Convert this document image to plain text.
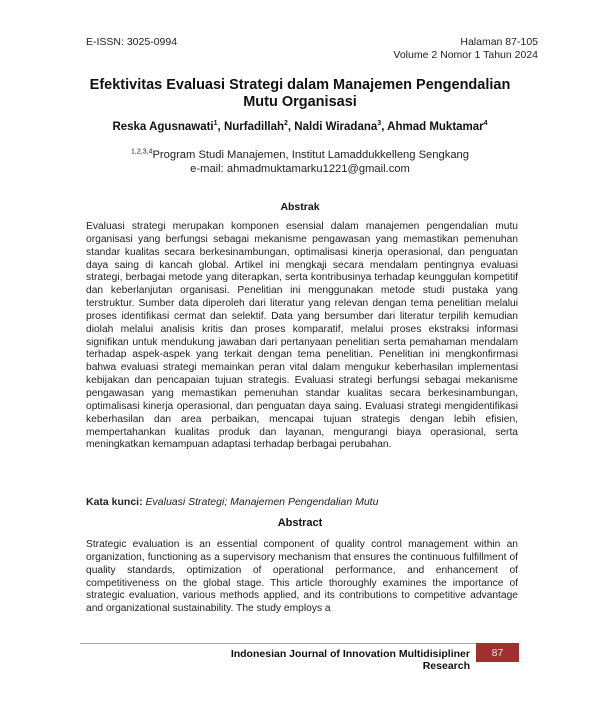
E-ISSN: 3025-0994	Halaman 87-105
Volume 2 Nomor 1 Tahun 2024
Efektivitas Evaluasi Strategi dalam Manajemen Pengendalian
Mutu Organisasi
Reska Agusnawati$^1$, Nurfadillah$^2$, Naldi Wiradana$^3$, Ahmad Muktamar$^4$
$^{1,2,3,4}$Program Studi Manajemen, Institut Lamaddukkelleng Sengkang
e-mail: ahmadmuktamarku1221@gmail.com
Abstrak
Evaluasi strategi merupakan komponen esensial dalam manajemen pengendalian mutu organisasi yang berfungsi sebagai mekanisme pengawasan yang memastikan pemenuhan standar kualitas secara berkesinambungan, optimalisasi kinerja operasional, dan penguatan daya saing di kancah global. Artikel ini mengkaji secara mendalam pentingnya evaluasi strategi, berbagai metode yang diterapkan, serta kontribusinya terhadap keunggulan kompetitif dan keberlanjutan organisasi. Penelitian ini menggunakan metode studi pustaka yang terstruktur. Sumber data diperoleh dari literatur yang relevan dengan tema penelitian melalui proses identifikasi cermat dan selektif. Data yang bersumber dari literatur terpilih kemudian diolah melalui analisis kritis dan proses komparatif, melalui proses ekstraksi informasi signifikan untuk mendukung jawaban dari pertanyaan penelitian serta pemahaman mendalam terhadap aspek-aspek yang terkait dengan tema penelitian. Penelitian ini mengkonfirmasi bahwa evaluasi strategi memainkan peran vital dalam mengukur keberhasilan implementasi kebijakan dan pencapaian tujuan strategis. Evaluasi strategi berfungsi sebagai mekanisme pengawasan yang memastikan pemenuhan standar kualitas secara berkesinambungan, optimalisasi kinerja operasional, dan penguatan daya saing. Evaluasi strategi mengidentifikasi keberhasilan dan area perbaikan, mencapai tujuan strategis dengan lebih efisien, mempertahankan kualitas produk dan layanan, mengurangi biaya operasional, serta meningkatkan kemampuan adaptasi terhadap berbagai perubahan.
Kata kunci: Evaluasi Strategi; Manajemen Pengendalian Mutu
Abstract
Strategic evaluation is an essential component of quality control management within an organization, functioning as a supervisory mechanism that ensures the continuous fulfillment of quality standards, optimization of operational performance, and enhancement of competitiveness on the global stage. This article thoroughly examines the importance of strategic evaluation, various methods applied, and its contributions to competitive advantage and organizational sustainability. The study employs a
Indonesian Journal of Innovation Multidisipliner Research
87
